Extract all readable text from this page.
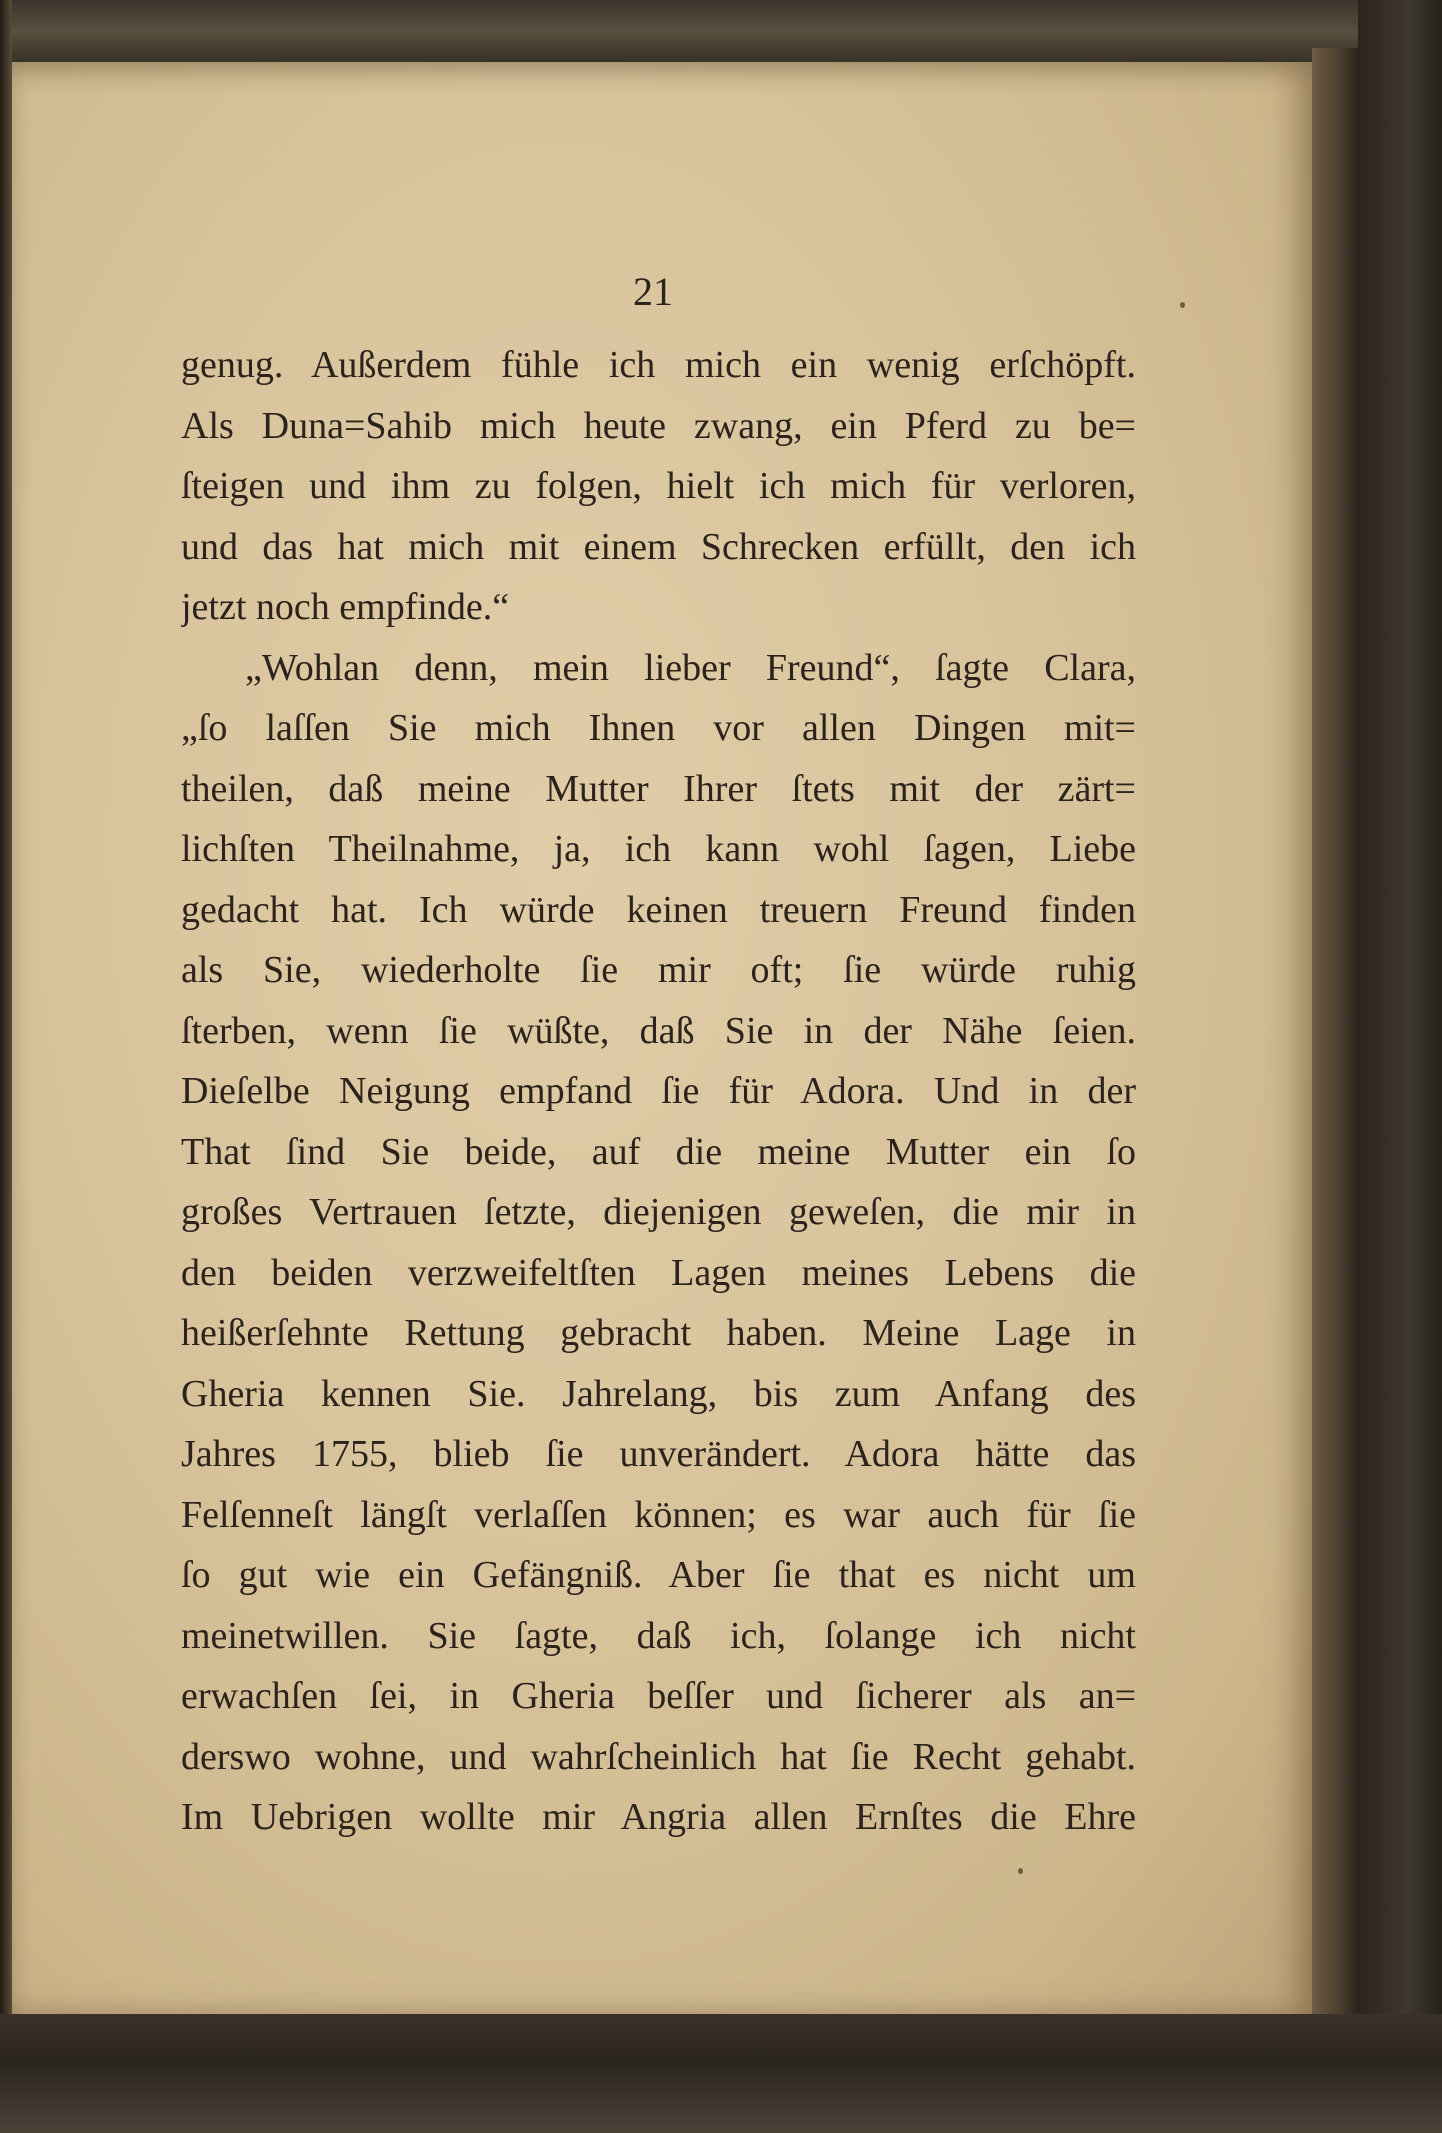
21
genug. Außerdem fühle ich mich ein wenig erſchöpft.
Als Duna=Sahib mich heute zwang, ein Pferd zu be=
ſteigen und ihm zu folgen, hielt ich mich für verloren,
und das hat mich mit einem Schrecken erfüllt, den ich
jetzt noch empfinde.“
„Wohlan denn, mein lieber Freund“, ſagte Clara,
„ſo laſſen Sie mich Ihnen vor allen Dingen mit=
theilen, daß meine Mutter Ihrer ſtets mit der zärt=
lichſten Theilnahme, ja, ich kann wohl ſagen, Liebe
gedacht hat. Ich würde keinen treuern Freund finden
als Sie, wiederholte ſie mir oft; ſie würde ruhig
ſterben, wenn ſie wüßte, daß Sie in der Nähe ſeien.
Dieſelbe Neigung empfand ſie für Adora. Und in der
That ſind Sie beide, auf die meine Mutter ein ſo
großes Vertrauen ſetzte, diejenigen geweſen, die mir in
den beiden verzweifeltſten Lagen meines Lebens die
heißerſehnte Rettung gebracht haben. Meine Lage in
Gheria kennen Sie. Jahrelang, bis zum Anfang des
Jahres 1755, blieb ſie unverändert. Adora hätte das
Felſenneſt längſt verlaſſen können; es war auch für ſie
ſo gut wie ein Gefängniß. Aber ſie that es nicht um
meinetwillen. Sie ſagte, daß ich, ſolange ich nicht
erwachſen ſei, in Gheria beſſer und ſicherer als an=
derswo wohne, und wahrſcheinlich hat ſie Recht gehabt.
Im Uebrigen wollte mir Angria allen Ernſtes die Ehre
